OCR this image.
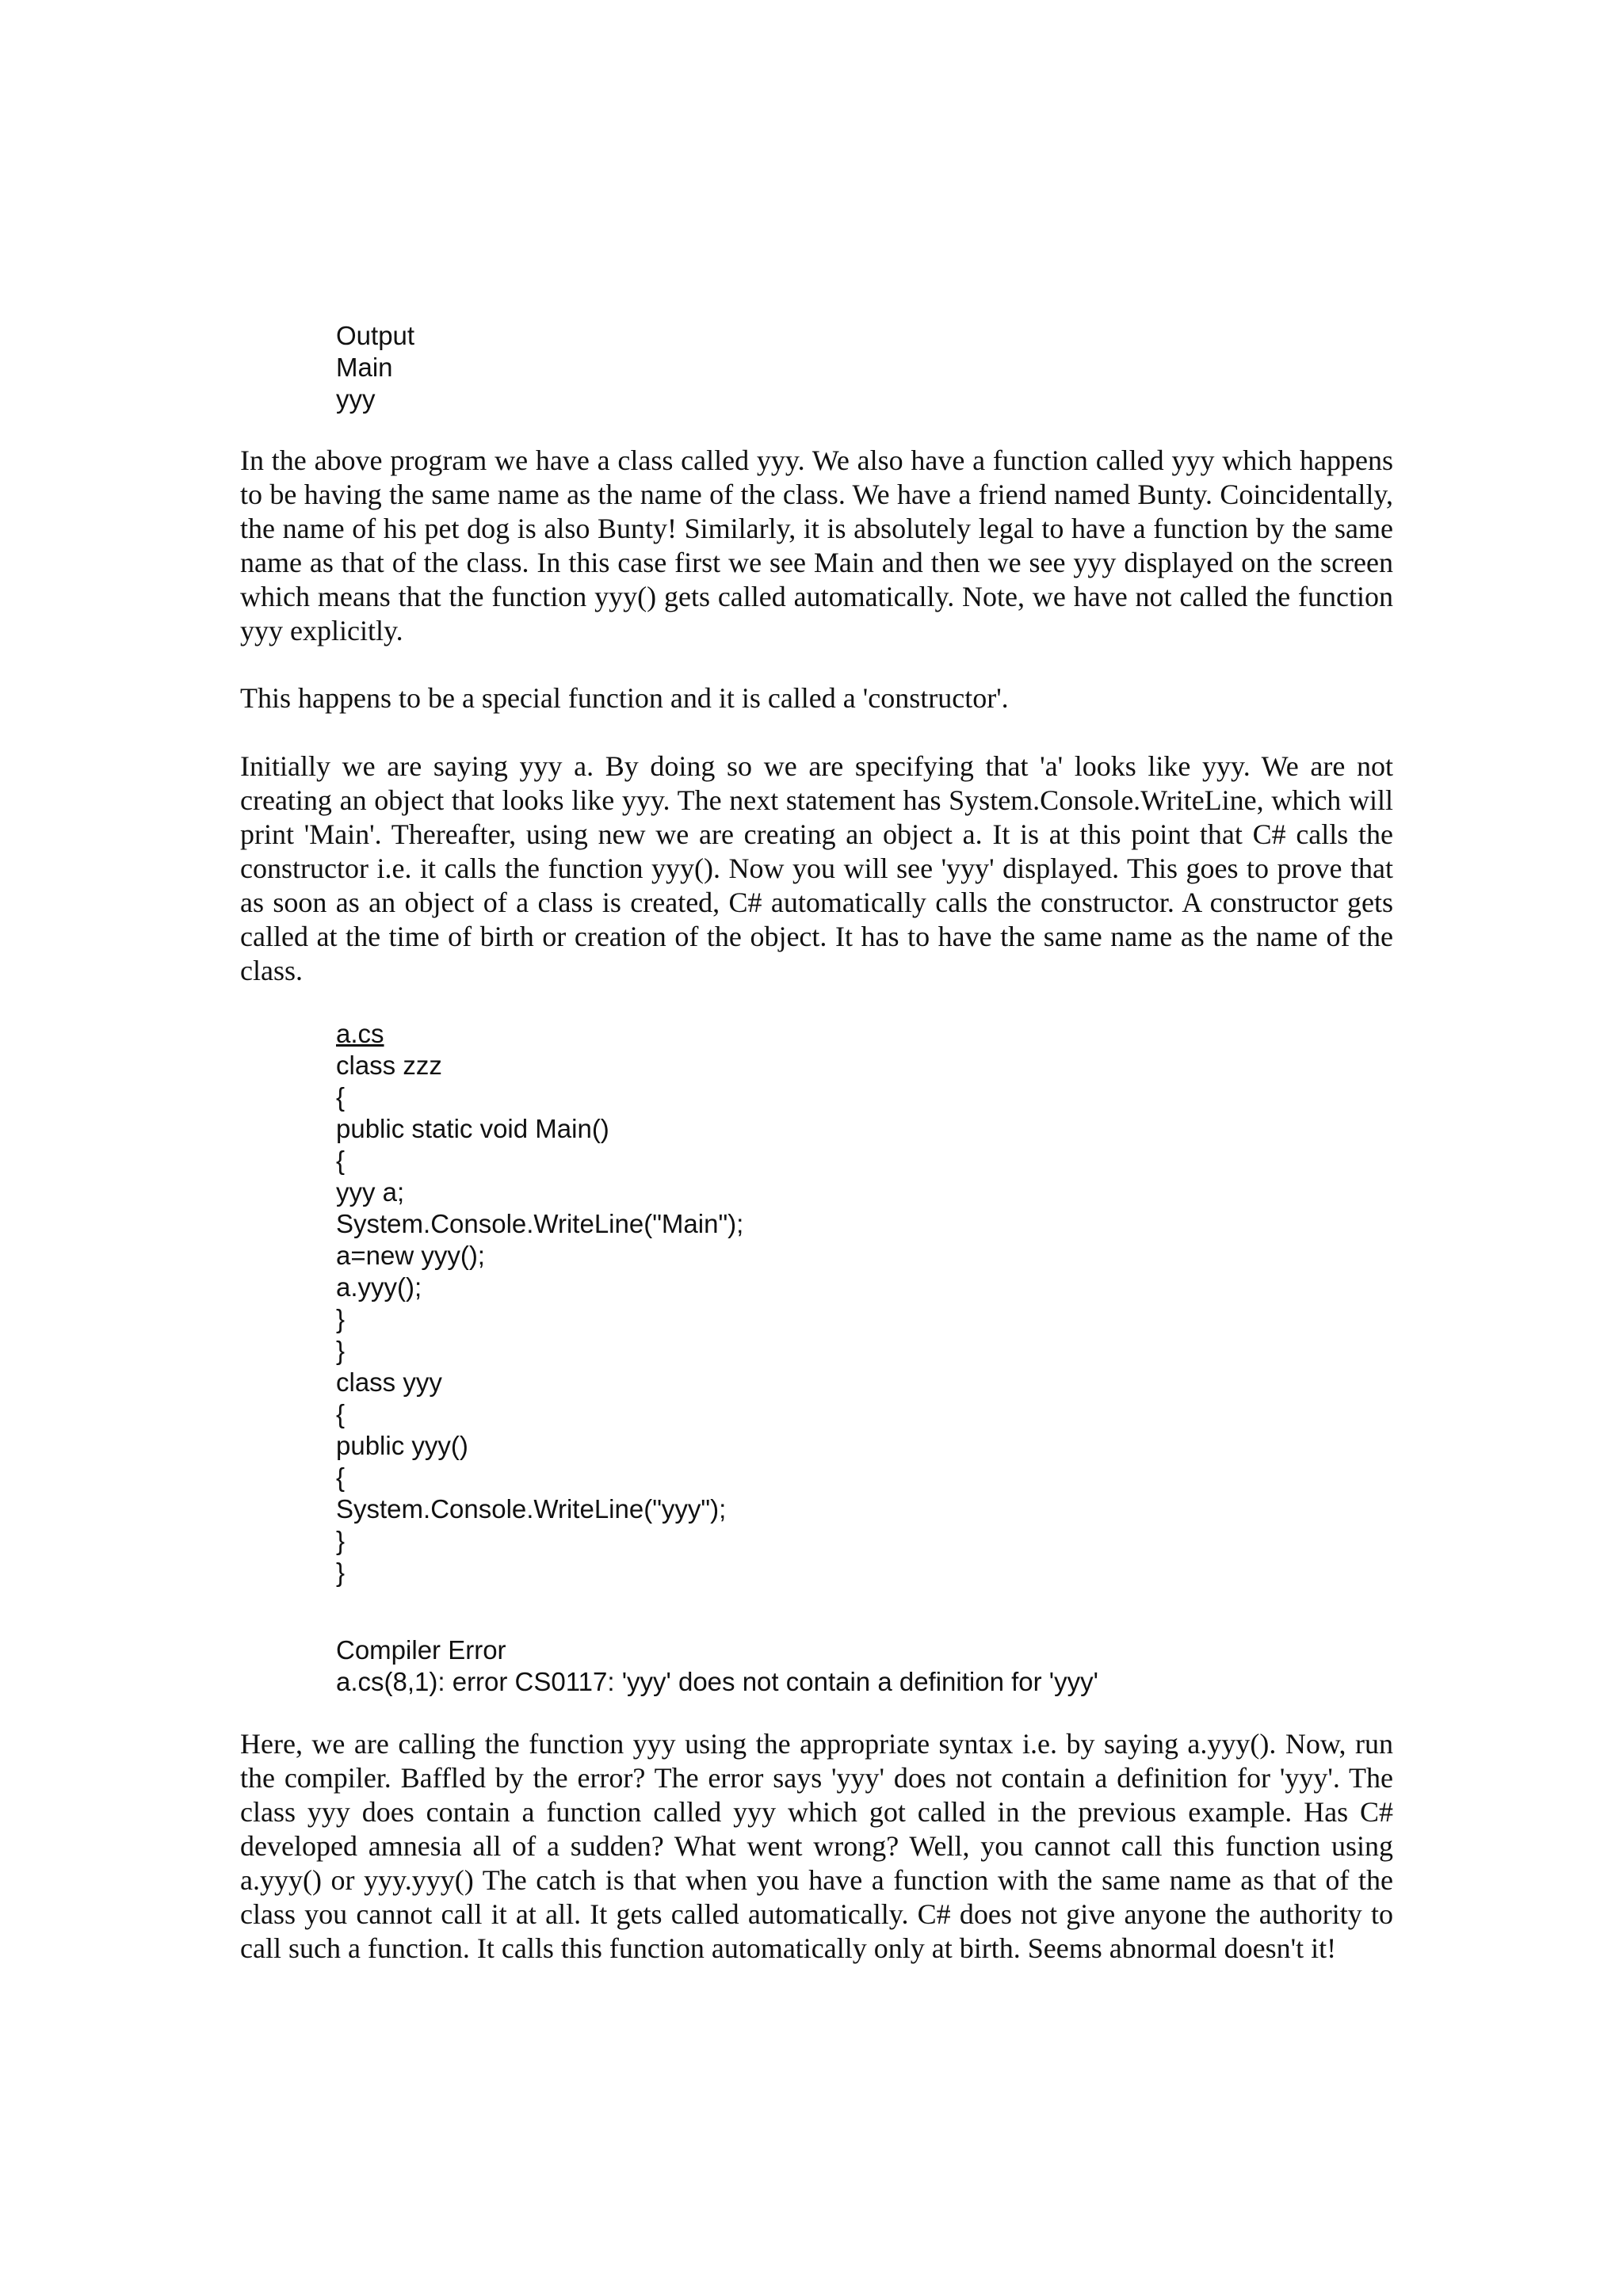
Output
Main
yyy

In the above program we have a class called yyy. We also have a function called yyy which happens to be having the same name as the name of the class. We have a friend named Bunty. Coincidentally, the name of his pet dog is also Bunty! Similarly, it is absolutely legal to have a function by the same name as that of the class. In this case first we see Main and then we see yyy displayed on the screen which means that the function yyy() gets called automatically. Note, we have not called the function yyy explicitly.

This happens to be a special function and it is called a 'constructor'.

Initially we are saying yyy a. By doing so we are specifying that 'a' looks like yyy. We are not creating an object that looks like yyy. The next statement has System.Console.WriteLine, which will print 'Main'. Thereafter, using new we are creating an object a. It is at this point that C# calls the constructor i.e. it calls the function yyy(). Now you will see 'yyy' displayed. This goes to prove that as soon as an object of a class is created, C# automatically calls the constructor. A constructor gets called at the time of birth or creation of the object. It has to have the same name as the name of the class.

a.cs
class zzz
{
public static void Main()
{
yyy a;
System.Console.WriteLine("Main");
a=new yyy();
a.yyy();
}
}
class yyy
{
public yyy()
{
System.Console.WriteLine("yyy");
}
}
Compiler Error
a.cs(8,1): error CS0117: 'yyy' does not contain a definition for 'yyy'

Here, we are calling the function yyy using the appropriate syntax i.e. by saying a.yyy(). Now, run the compiler. Baffled by the error? The error says 'yyy' does not contain a definition for 'yyy'. The class yyy does contain a function called yyy which got called in the previous example. Has C# developed amnesia all of a sudden? What went wrong? Well, you cannot call this function using a.yyy() or yyy.yyy() The catch is that when you have a function with the same name as that of the class you cannot call it at all. It gets called automatically. C# does not give anyone the authority to call such a function. It calls this function automatically only at birth. Seems abnormal doesn't it!
